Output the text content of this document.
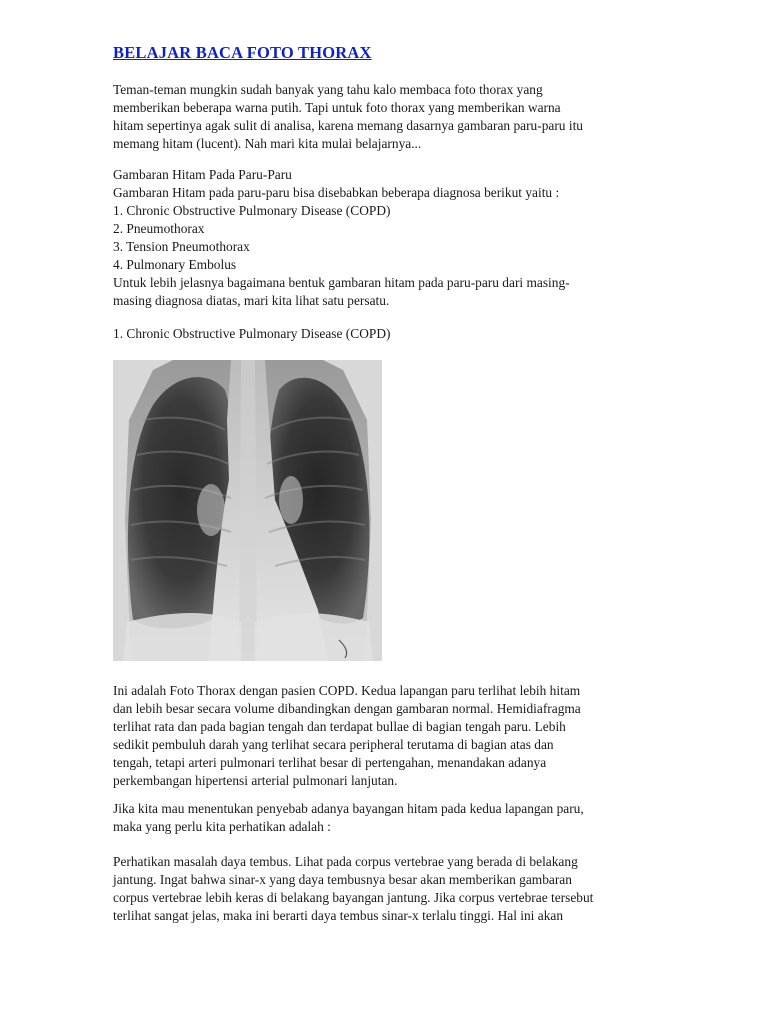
BELAJAR BACA FOTO THORAX
Teman-teman mungkin sudah banyak yang tahu kalo membaca foto thorax yang
memberikan beberapa warna putih. Tapi untuk foto thorax yang memberikan warna
hitam sepertinya agak sulit di analisa, karena memang dasarnya gambaran paru-paru itu
memang hitam (lucent). Nah mari kita mulai belajarnya...
Gambaran Hitam Pada Paru-Paru
Gambaran Hitam pada paru-paru bisa disebabkan beberapa diagnosa berikut yaitu :
1. Chronic Obstructive Pulmonary Disease (COPD)
2. Pneumothorax
3. Tension Pneumothorax
4. Pulmonary Embolus
Untuk lebih jelasnya bagaimana bentuk gambaran hitam pada paru-paru dari masing-
masing diagnosa diatas, mari kita lihat satu persatu.
1. Chronic Obstructive Pulmonary Disease (COPD)
Ini adalah Foto Thorax dengan pasien COPD. Kedua lapangan paru terlihat lebih hitam
dan lebih besar secara volume dibandingkan dengan gambaran normal. Hemidiafragma
terlihat rata dan pada bagian tengah dan terdapat bullae di bagian tengah paru. Lebih
sedikit pembuluh darah yang terlihat secara peripheral terutama di bagian atas dan
tengah, tetapi arteri pulmonari terlihat besar di pertengahan, menandakan adanya
perkembangan hipertensi arterial pulmonari lanjutan.
Jika kita mau menentukan penyebab adanya bayangan hitam pada kedua lapangan paru,
maka yang perlu kita perhatikan adalah :
Perhatikan masalah daya tembus. Lihat pada corpus vertebrae yang berada di belakang
jantung. Ingat bahwa sinar-x yang daya tembusnya besar akan memberikan gambaran
corpus vertebrae lebih keras di belakang bayangan jantung. Jika corpus vertebrae tersebut
terlihat sangat jelas, maka ini berarti daya tembus sinar-x terlalu tinggi. Hal ini akan
